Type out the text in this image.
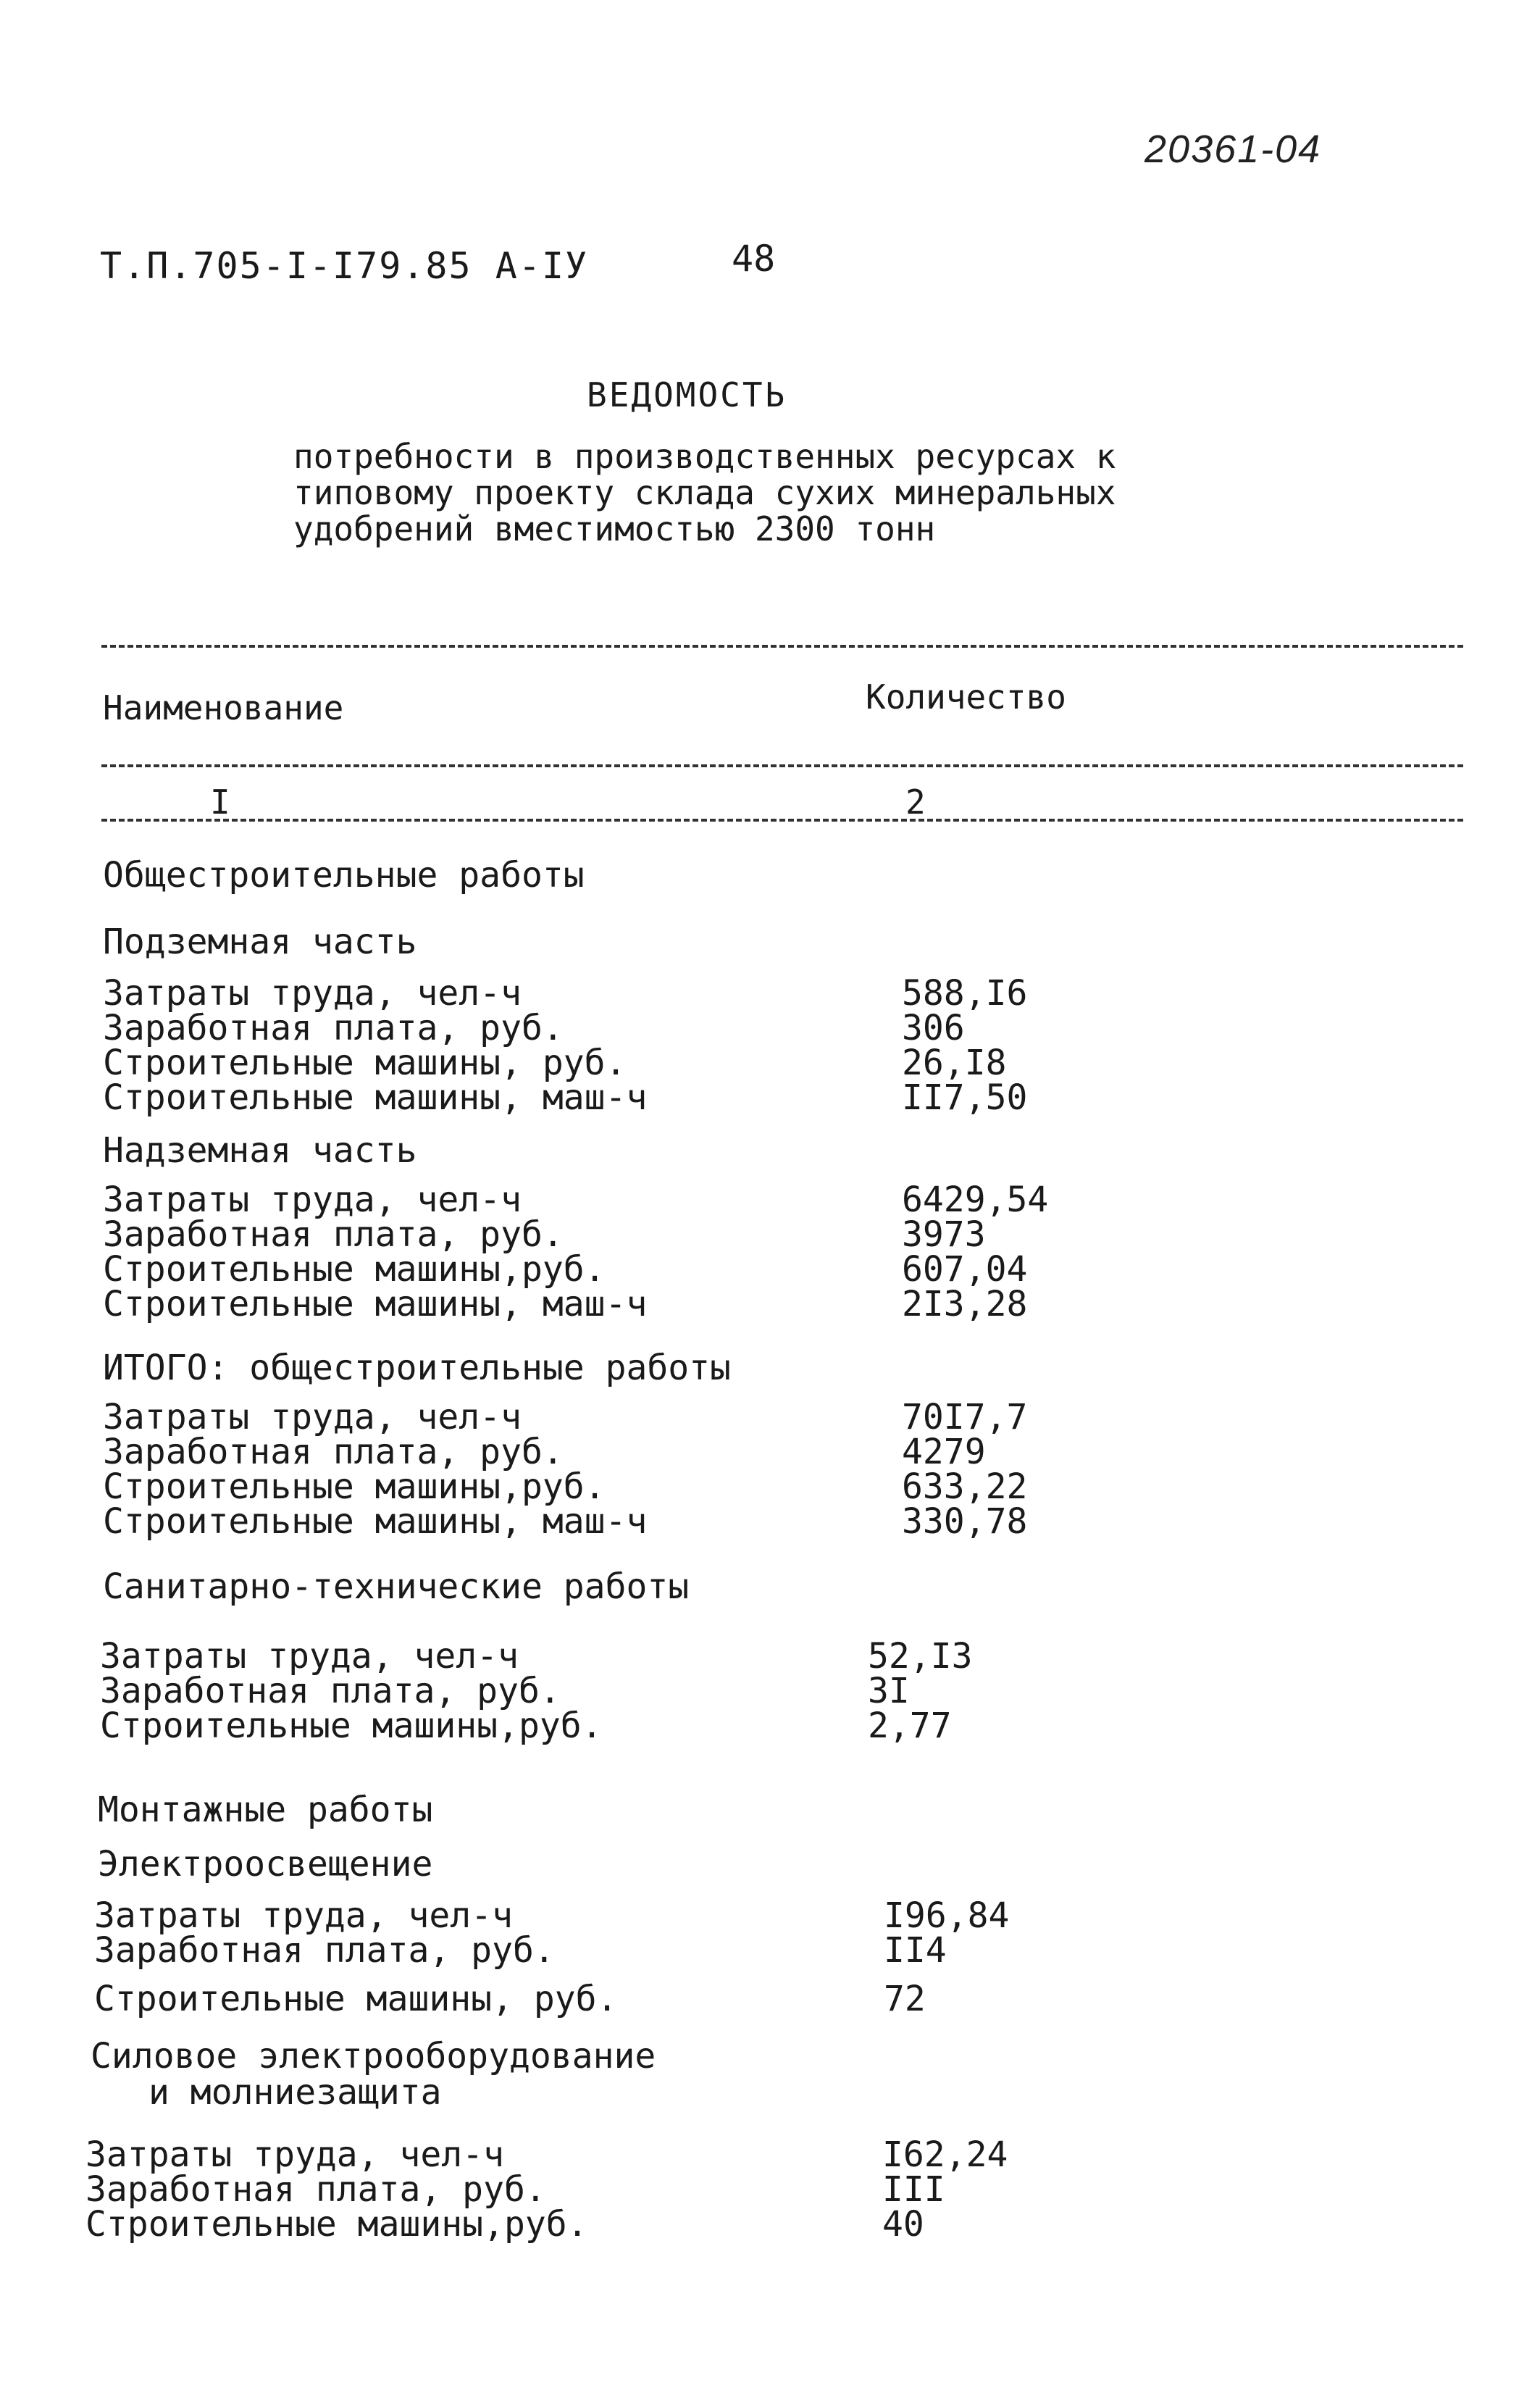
20361-04
Т.П.705-I-I79.85 А-IУ	48
ВЕДОМОСТЬ
потребности в производственных ресурсах к
типовому проекту склада сухих минеральных
удобрений вместимостью 2300 тонн
Наименование	Количество
I	2
Общестроительные работы
Подземная часть
Затраты труда, чел-ч	588,I6
Заработная плата, руб.	306
Строительные машины, руб.	26,I8
Строительные машины, маш-ч	II7,50
Надземная часть
Затраты труда, чел-ч	6429,54
Заработная плата, руб.	3973
Строительные машины,руб.	607,04
Строительные машины, маш-ч	2I3,28
ИТОГО: общестроительные работы
Затраты труда, чел-ч	70I7,7
Заработная плата, руб.	4279
Строительные машины,руб.	633,22
Строительные машины, маш-ч	330,78
Санитарно-технические работы
Затраты труда, чел-ч	52,I3
Заработная плата, руб.	3I
Строительные машины,руб.	2,77
Монтажные работы
Электроосвещение
Затраты труда, чел-ч	I96,84
Заработная плата, руб.	II4
Строительные машины, руб.	72
Силовое электрооборудование
и молниезащита
Затраты труда, чел-ч	I62,24
Заработная плата, руб.	III
Строительные машины,руб.	40
